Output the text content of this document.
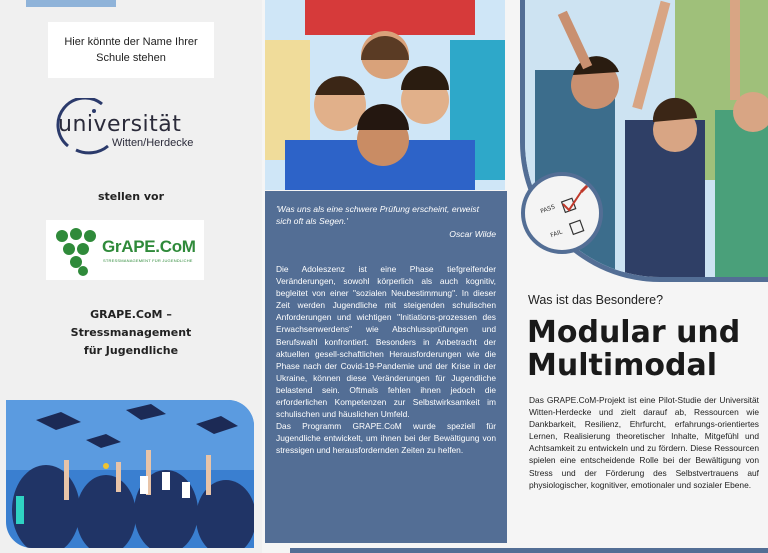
Hier könnte der Name Ihrer Schule stehen
universität
Witten/Herdecke
stellen vor
GrAPE.CoM
STRESSMANAGEMENT FÜR JUGENDLICHE
GRAPE.CoM –
Stressmanagement
für Jugendliche
'Was uns als eine schwere Prüfung erscheint, erweist sich oft als Segen.'
Oscar Wilde
Die Adoleszenz ist eine Phase tiefgreifender Veränderungen, sowohl körperlich als auch kognitiv, begleitet von einer "sozialen Neubestimmung". In dieser Zeit werden Jugendliche mit steigenden schulischen Anforderungen und wichtigen "Initiations-prozessen des Erwachsenwerdens" wie Abschlussprüfungen und Berufswahl konfrontiert. Besonders in Anbetracht der aktuellen gesell-schaftlichen Herausforderungen wie die Phase nach der Covid-19-Pandemie und der Krise in der Ukraine, können diese Veränderungen für Jugendliche belastend sein. Oftmals fehlen ihnen jedoch die erforderlichen Kompetenzen zur Selbstwirksamkeit im schulischen und häuslichen Umfeld.
Das Programm GRAPE.CoM wurde speziell für Jugendliche entwickelt, um ihnen bei der Bewältigung von stressigen und herausfordernden Zeiten zu helfen.
PASS
FAIL
Was ist das Besondere?
Modular und
Multimodal
Das GRAPE.CoM-Projekt ist eine Pilot-Studie der Universität Witten-Herdecke und zielt darauf ab, Ressourcen wie Dankbarkeit, Resilienz, Ehrfurcht, erfahrungs-orientiertes Lernen, Realisierung theoretischer Inhalte, Mitgefühl und Achtsamkeit zu entwickeln und zu fördern. Diese Ressourcen spielen eine entscheidende Rolle bei der Bewältigung von Stress und der Förderung des Selbstvertrauens auf physiologischer, kognitiver, emotionaler und sozialer Ebene.
